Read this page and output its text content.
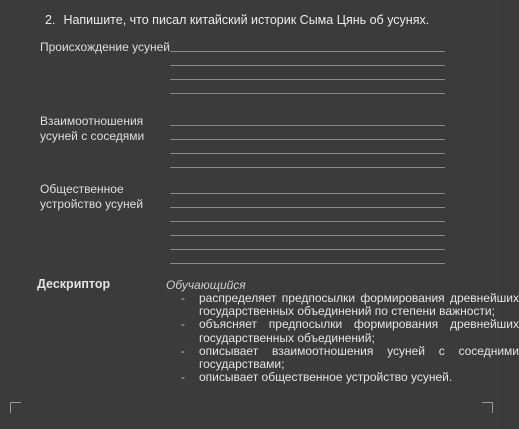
2. Напишите, что писал китайский историк Сыма Цянь об усунях.
Происхождение усуней
Взаимоотношения усуней с соседями
Общественное устройство усуней
Дескриптор	Обучающийся
- распределяет предпосылки формирования древнейших государственных объединений по степени важности;
- объясняет предпосылки формирования древнейших государственных объединений;
- описывает взаимоотношения усуней с соседними государствами;
- описывает общественное устройство усуней.
